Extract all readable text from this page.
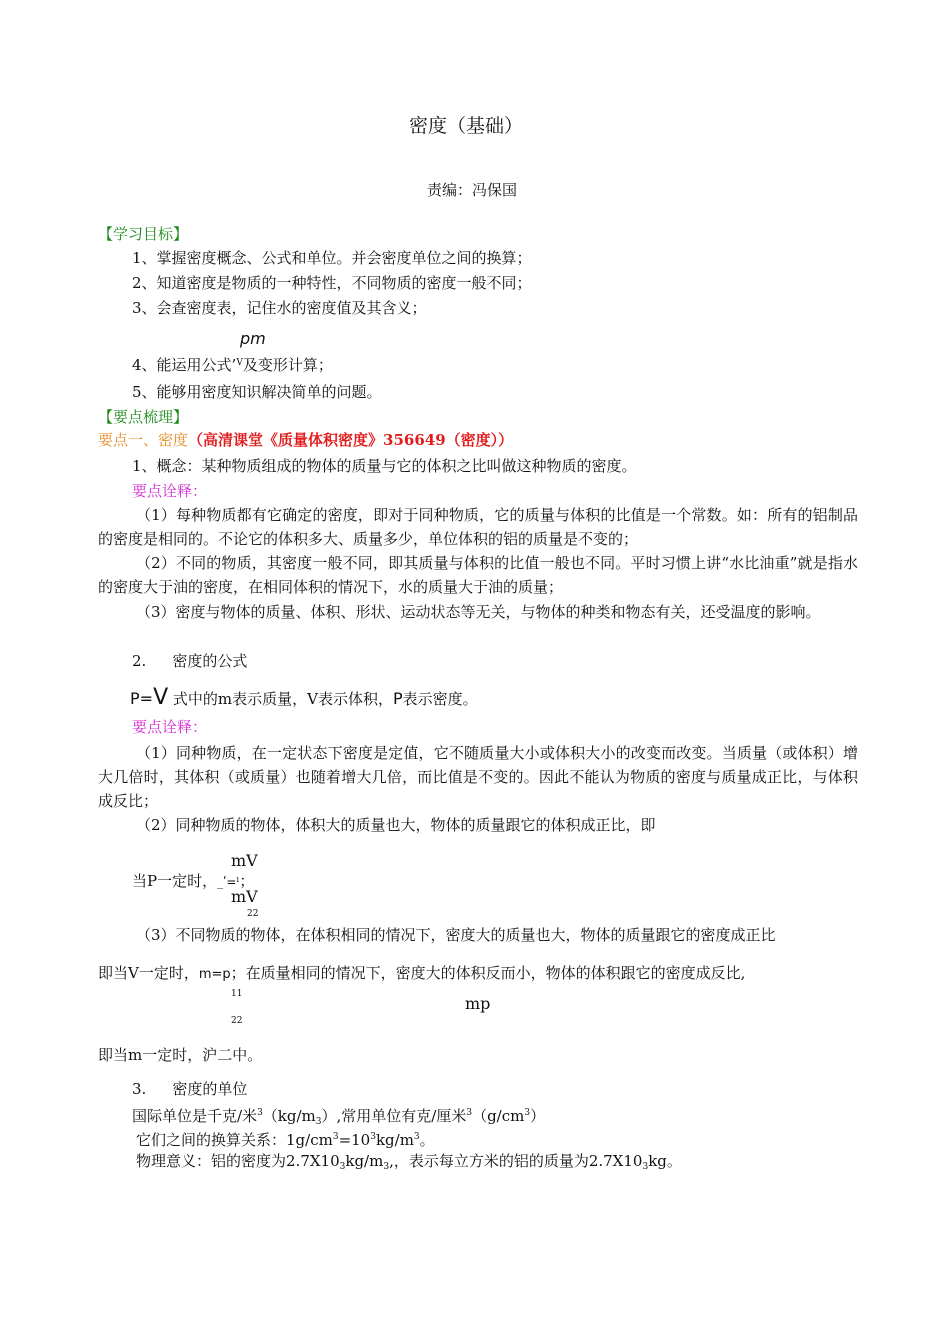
密度（基础）
责编：冯保国
【学习目标】
1、掌握密度概念、公式和单位。并会密度单位之间的换算；
2、知道密度是物质的一种特性，不同物质的密度一般不同；
3、会查密度表，记住水的密度值及其含义；
pm
4、能运用公式’$^V$及变形计算；
5、能够用密度知识解决简单的问题。
【要点梳理】
要点一、密度（高清课堂《质量体积密度》356649（密度））
1、概念：某种物质组成的物体的质量与它的体积之比叫做这种物质的密度。
要点诠释：
（1）每种物质都有它确定的密度，即对于同种物质，它的质量与体积的比值是一个常数。如：所有的铝制品的密度是相同的。不论它的体积多大、质量多少，单位体积的铝的质量是不变的；
（2）不同的物质，其密度一般不同，即其质量与体积的比值一般也不同。平时习惯上讲“水比油重”就是指水的密度大于油的密度，在相同体积的情况下，水的质量大于油的质量；
（3）密度与物体的质量、体积、形状、运动状态等无关，与物体的种类和物态有关，还受温度的影响。
2. 密度的公式
P=V 式中的m表示质量，V表示体积，P表示密度。
要点诠释：
（1）同种物质，在一定状态下密度是定值，它不随质量大小或体积大小的改变而改变。当质量（或体积）增大几倍时，其体积（或质量）也随着增大几倍，而比值是不变的。因此不能认为物质的密度与质量成正比，与体积成反比；
（2）同种物质的物体，体积大的质量也大，物体的质量跟它的体积成正比，即
mV
当P一定时，_ʹ=ˡ；
mV
22
（3）不同物质的物体，在体积相同的情况下，密度大的质量也大，物体的质量跟它的密度成正比
即当V一定时，m=p；在质量相同的情况下，密度大的体积反而小，物体的体积跟它的密度成反比,
11	mp
22
即当m一定时，沪二中。
3. 密度的单位
国际单位是千克/米$^3(kg/m_3)$,常用单位有克/厘米$^3(g/cm^3)$
它们之间的换算关系：$1g/cm^3=10^3kg/m^3$。
物理意义：铝的密度为$2.7X10_3kg/m_3$,，表示每立方米的铝的质量为$2.7X10_3kg$。
